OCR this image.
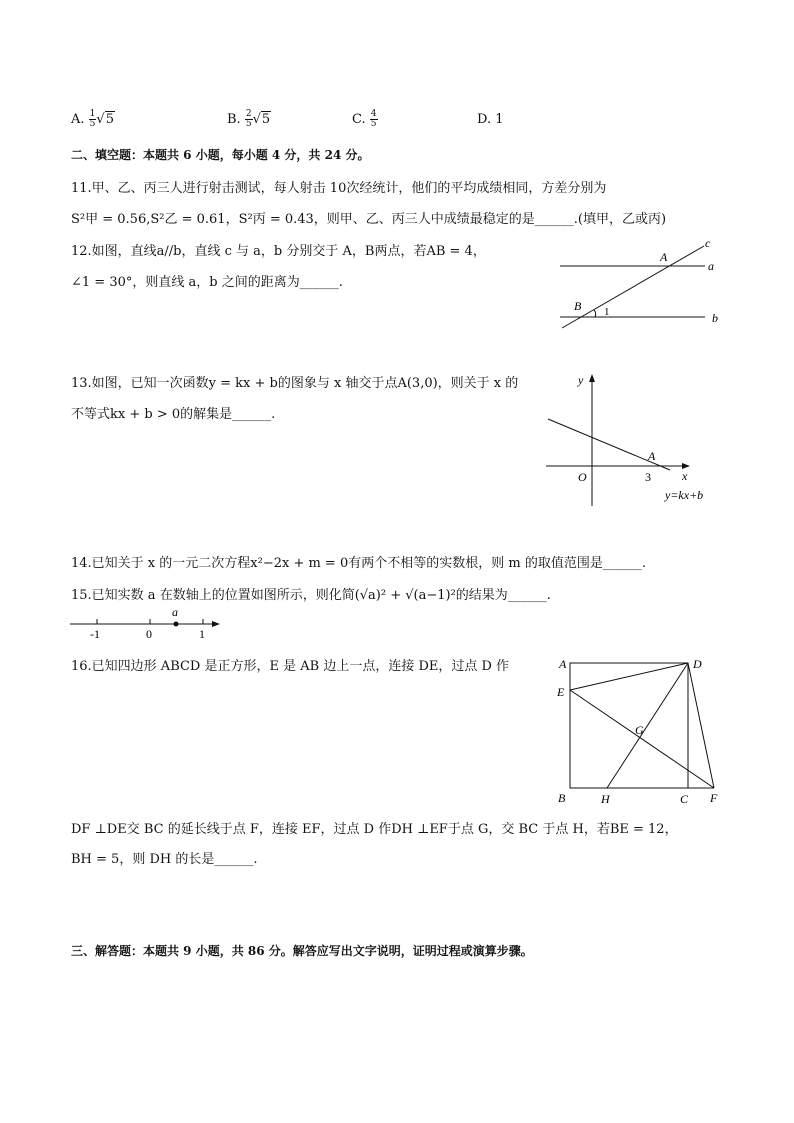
A. $\frac{1}{5} √5$	B. $\frac{2}{5} √5$	C. $\frac{4}{5}$	D. 1
二、填空题：本题共 6 小题，每小题 4 分，共 24 分。
11.甲、乙、丙三人进行射击测试，每人射击 10次经统计，他们的平均成绩相同，方差分别为
S²甲 = 0.56,S²乙 = 0.61，S²丙 = 0.43，则甲、乙、丙三人中成绩最稳定的是______.(填甲，乙或丙)
12.如图，直线a//b，直线 c 与 a，b 分别交于 A，B两点，若AB = 4，
∠1 = 30°，则直线 a，b 之间的距离为______.
c
a
b
A
B 1
13.如图，已知一次函数y = kx + b的图象与 x 轴交于点A(3,0)，则关于 x 的
不等式kx + b > 0的解集是______.
y
x
O
A
3
y=kx+b
14.已知关于 x 的一元二次方程x²−2x + m = 0有两个不相等的实数根，则 m 的取值范围是______.
15.已知实数 a 在数轴上的位置如图所示，则化简(√a)² + √(a−1)²的结果为______.
a
-1	0	1
16.已知四边形 ABCD 是正方形，E 是 AB 边上一点，连接 DE，过点 D 作	A	D
E
G
B	H	C F
DF ⊥DE交 BC 的延长线于点 F，连接 EF，过点 D 作DH ⊥EF于点 G，交 BC 于点 H，若BE = 12，
BH = 5，则 DH 的长是______.
三、解答题：本题共 9 小题，共 86 分。解答应写出文字说明，证明过程或演算步骤。
